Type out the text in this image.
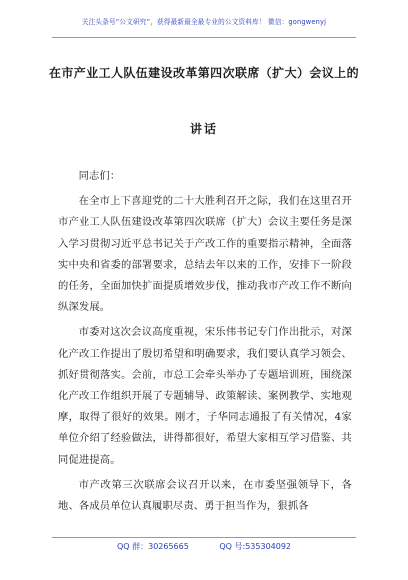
关注头条号“公文研究”，获得最新最全最专业的公文资料库！ 微信：gongwenyj
在市产业工人队伍建设改革第四次联席（扩大）会议上的
讲话

同志们：

在全市上下喜迎党的二十大胜利召开之际，我们在这里召开市产业工人队伍建设改革第四次联席（扩大）会议主要任务是深入学习贯彻习近平总书记关于产改工作的重要指示精神，全面落实中央和省委的部署要求，总结去年以来的工作，安排下一阶段的任务，全面加快扩面提质增效步伐，推动我市产改工作不断向纵深发展。

市委对这次会议高度重视，宋乐伟书记专门作出批示，对深化产改工作提出了殷切希望和明确要求，我们要认真学习领会、抓好贯彻落实。会前，市总工会牵头举办了专题培训班，围绕深化产改工作组织开展了专题辅导、政策解读、案例教学、实地观摩，取得了很好的效果。刚才，子华同志通报了有关情况，4家单位介绍了经验做法，讲得都很好，希望大家相互学习借鉴、共同促进提高。

市产改第三次联席会议召开以来，在市委坚强领导下，各地、各成员单位认真履职尽责、勇于担当作为，狠抓各

QQ 群：30265665	QQ 号:535304092
